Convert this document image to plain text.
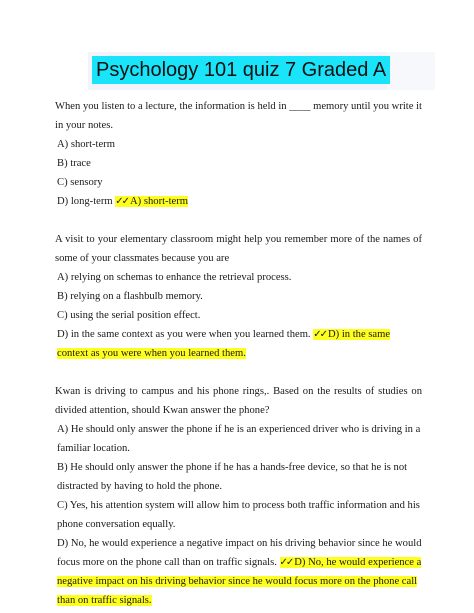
Psychology 101 quiz 7 Graded A

When you listen to a lecture, the information is held in ____ memory until you write it in your notes.

A) short-term

B) trace

C) sensory

D) long-term ✓✓ A) short-term

A visit to your elementary classroom might help you remember more of the names of some of your classmates because you are

A) relying on schemas to enhance the retrieval process.

B) relying on a flashbulb memory.

C) using the serial position effect.

D) in the same context as you were when you learned them. ✓✓ D) in the same context as you were when you learned them.

Kwan is driving to campus and his phone rings,. Based on the results of studies on divided attention, should Kwan answer the phone?

A) He should only answer the phone if he is an experienced driver who is driving in a familiar location.

B) He should only answer the phone if he has a hands-free device, so that he is not distracted by having to hold the phone.

C) Yes, his attention system will allow him to process both traffic information and his phone conversation equally.

D) No, he would experience a negative impact on his driving behavior since he would focus more on the phone call than on traffic signals. ✓✓ D) No, he would experience a negative impact on his driving behavior since he would focus more on the phone call than on traffic signals.
